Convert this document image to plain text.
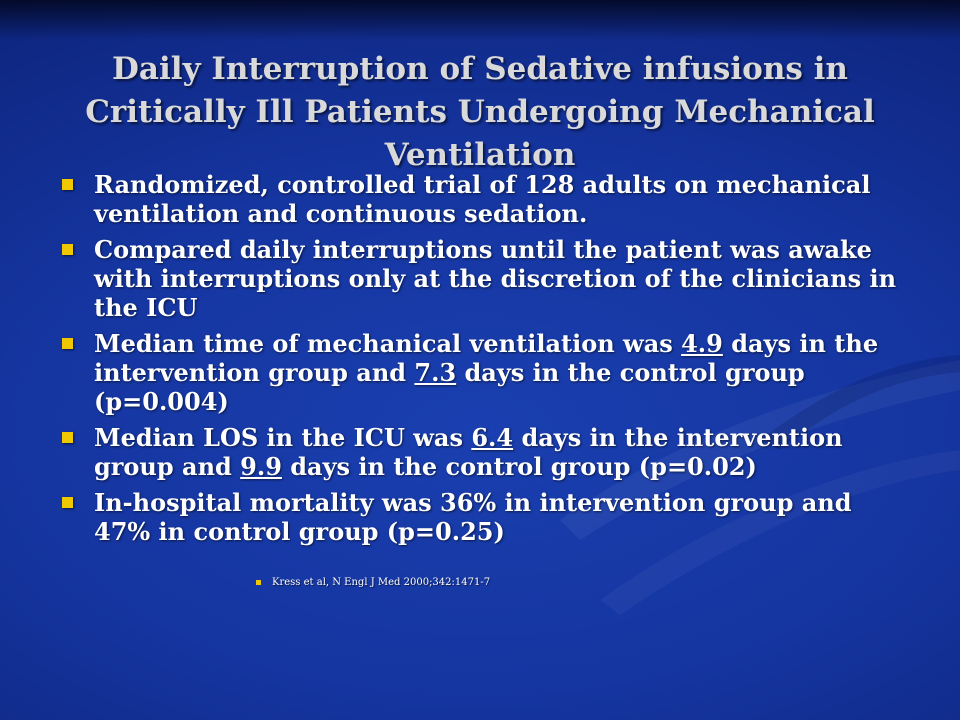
Daily Interruption of Sedative infusions in Critically Ill Patients Undergoing Mechanical Ventilation
Randomized, controlled trial of 128 adults on mechanical ventilation and continuous sedation.
Compared daily interruptions until the patient was awake with interruptions only at the discretion of the clinicians in the ICU
Median time of mechanical ventilation was 4.9 days in the intervention group and 7.3 days in the control group (p=0.004)
Median LOS in the ICU was 6.4 days in the intervention group and 9.9 days in the control group (p=0.02)
In-hospital mortality was 36% in intervention group and 47% in control group (p=0.25)
Kress et al, N Engl J Med 2000;342:1471-7
